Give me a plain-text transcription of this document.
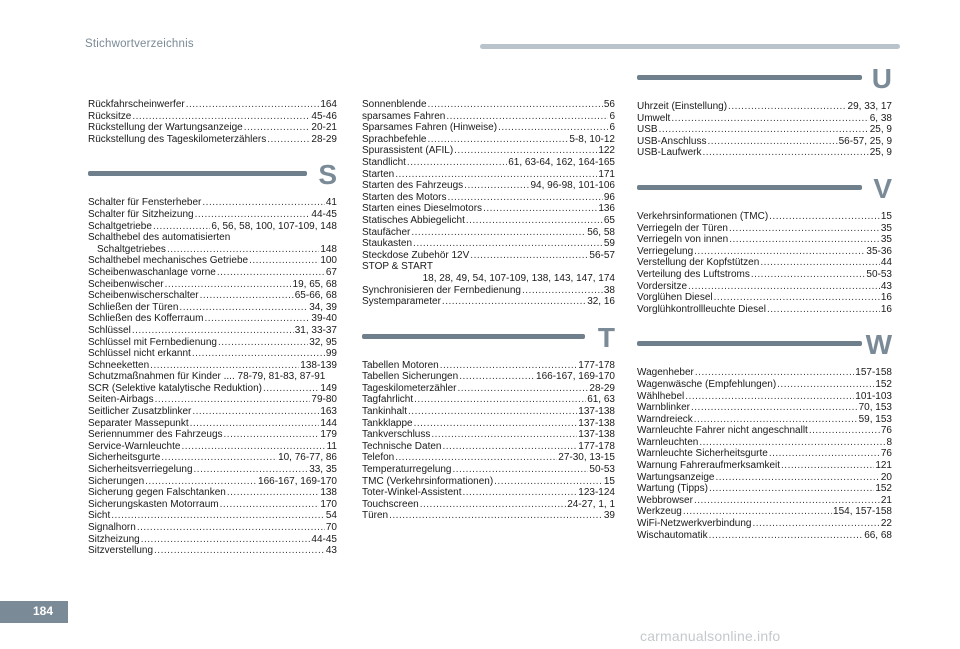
Stichwortverzeichnis
Rückfahrscheinwerfer .....	164
Rücksitze .....	45-46
Rückstellung der Wartungsanzeige .....	20-21
Rückstellung des Tageskilometerzählers .....	28-29
S
Schalter für Fensterheber .....	41
Schalter für Sitzheizung .....	44-45
Schaltgetriebe .....	6, 56, 58, 100, 107-109, 148
Schalthebel des automatisierten
Schaltgetriebes .....	148
Schalthebel mechanisches Getriebe .....	100
Scheibenwaschanlage vorne .....	67
Scheibenwischer .....	19, 65, 68
Scheibenwischerschalter .....	65-66, 68
Schließen der Türen .....	34, 39
Schließen des Kofferraum .....	39-40
Schlüssel .....	31, 33-37
Schlüssel mit Fernbedienung .....	32, 95
Schlüssel nicht erkannt .....	99
Schneeketten .....	138-139
Schutzmaßnahmen für Kinder .... 78-79, 81-83, 87-91
SCR (Selektive katalytische Reduktion) .....	149
Seiten-Airbags .....	79-80
Seitlicher Zusatzblinker .....	163
Separater Massepunkt .....	144
Seriennummer des Fahrzeugs .....	179
Service-Warnleuchte .....	11
Sicherheitsgurte .....	10, 76-77, 86
Sicherheitsverriegelung .....	33, 35
Sicherungen .....	166-167, 169-170
Sicherung gegen Falschtanken .....	138
Sicherungskasten Motorraum .....	170
Sicht .....	54
Signalhorn .....	70
Sitzheizung .....	44-45
Sitzverstellung .....	43
Sonnenblende .....	56
sparsames Fahren .....	6
Sparsames Fahren (Hinweise) .....	6
Sprachbefehle .....	5-8, 10-12
Spurassistent (AFIL) .....	122
Standlicht .....	61, 63-64, 162, 164-165
Starten .....	171
Starten des Fahrzeugs .....	94, 96-98, 101-106
Starten des Motors .....	96
Starten eines Dieselmotors .....	136
Statisches Abbiegelicht .....	65
Staufächer .....	56, 58
Staukasten .....	59
Steckdose Zubehör 12V .....	56-57
STOP & START
18, 28, 49, 54, 107-109, 138, 143, 147, 174
Synchronisieren der Fernbedienung .....	38
Systemparameter .....	32, 16
T
Tabellen Motoren .....	177-178
Tabellen Sicherungen .....	166-167, 169-170
Tageskilometerzähler .....	28-29
Tagfahrlicht .....	61, 63
Tankinhalt .....	137-138
Tankklappe .....	137-138
Tankverschluss .....	137-138
Technische Daten .....	177-178
Telefon .....	27-30, 13-15
Temperaturregelung .....	50-53
TMC (Verkehrsinformationen) .....	15
Toter-Winkel-Assistent .....	123-124
Touchscreen .....	24-27, 1, 1
Türen .....	39
U
Uhrzeit (Einstellung) .....	29, 33, 17
Umwelt .....	6, 38
USB .....	25, 9
USB-Anschluss .....	56-57, 25, 9
USB-Laufwerk .....	25, 9
V
Verkehrsinformationen (TMC) .....	15
Verriegeln der Türen .....	35
Verriegeln von innen .....	35
Verriegelung .....	35-36
Verstellung der Kopfstützen .....	44
Verteilung des Luftstroms .....	50-53
Vordersitze .....	43
Vorglühen Diesel .....	16
Vorglühkontrollleuchte Diesel .....	16
W
Wagenheber .....	157-158
Wagenwäsche (Empfehlungen) .....	152
Wählhebel .....	101-103
Warnblinker .....	70, 153
Warndreieck .....	59, 153
Warnleuchte Fahrer nicht angeschnallt .....	76
Warnleuchten .....	8
Warnleuchte Sicherheitsgurte .....	76
Warnung Fahreraufmerksamkeit .....	121
Wartungsanzeige .....	20
Wartung (Tipps) .....	152
Webbrowser .....	21
Werkzeug .....	154, 157-158
WiFi-Netzwerkverbindung .....	22
Wischautomatik .....	66, 68
184
carmanualsonline.info
